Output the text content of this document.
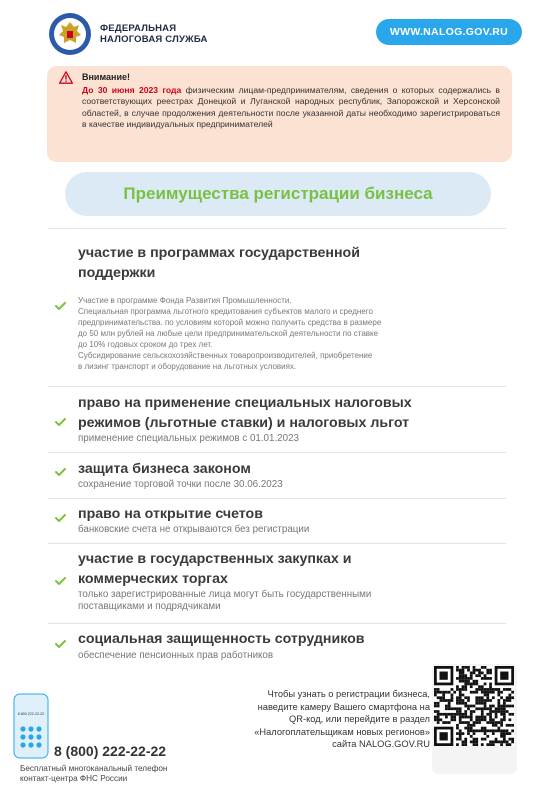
ФЕДЕРАЛЬНАЯ
НАЛОГОВАЯ СЛУЖБА
WWW.NALOG.GOV.RU
Внимание!
До 30 июня 2023 года физическим лицам-предпринимателям, сведения о которых содержались в соответствующих реестрах Донецкой и Луганской народных республик, Запорожской и Херсонской областей, в случае продолжения деятельности после указанной даты необходимо зарегистрироваться в качестве индивидуальных предпринимателей
Преимущества регистрации бизнеса
участие в программах государственной
поддержки
Участие в программе Фонда Развития Промышленности.
Специальная программа льготного кредитования субъектов малого и среднего
предпринимательства. по условиям которой можно получить средства в размере
до 50 млн рублей на любые цели предпринимательской деятельности по ставке
до 10% годовых сроком до трех лет.
Субсидирование сельскохозяйственных товаропроизводителей, приобретение
в лизинг транспорт и оборудование на льготных условиях.
право на применение специальных налоговых
режимов (льготные ставки) и налоговых льгот
применение специальных режимов с 01.01.2023
защита бизнеса законом
сохранение торговой точки после 30.06.2023
право на открытие счетов
банковские счета не открываются без регистрации
участие в государственных закупках и
коммерческих торгах
только зарегистрированные лица могут быть государственными
поставщиками и подрядчиками
социальная защищенность сотрудников
обеспечение пенсионных прав работников
8 800 222-22-22
8 (800) 222-22-22
Бесплатный многоканальный телефон
контакт-центра ФНС России
Чтобы узнать о регистрации бизнеса,
наведите камеру Вашего смартфона на
QR-код, или перейдите в раздел
«Налогоплательщикам новых регионов»
сайта NALOG.GOV.RU
